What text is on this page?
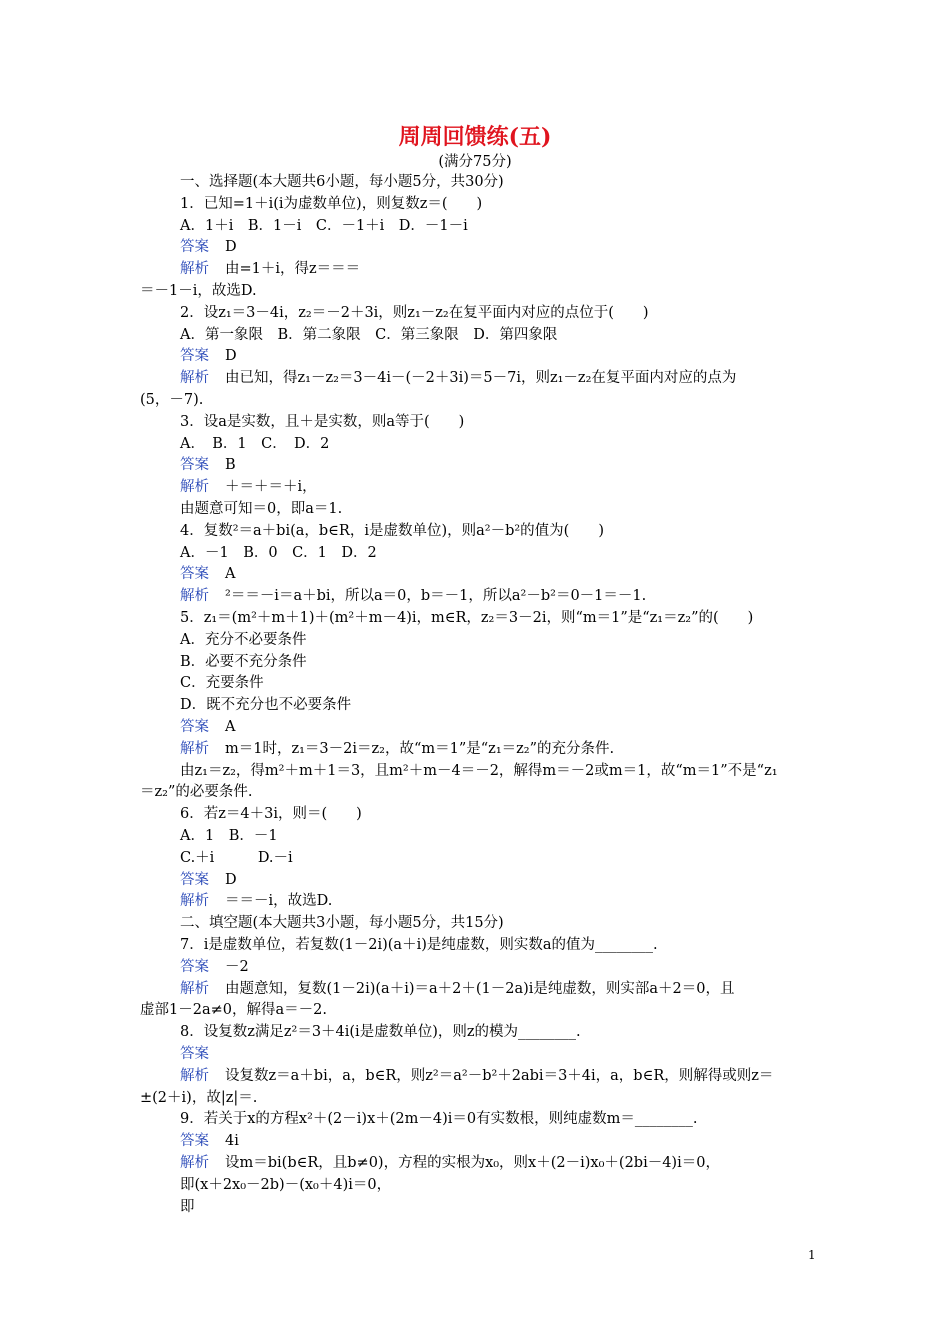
周周回馈练(五)
(满分75分)
一、选择题(本大题共6小题，每小题5分，共30分)
1．已知=1＋i(i为虚数单位)，则复数z＝(　　)
A．1＋i　B．1－i　C．－1＋i　D．－1－i
答案 D
解析 由=1＋i，得z＝＝＝
＝－1－i，故选D.
2．设z₁＝3－4i，z₂＝－2＋3i，则z₁－z₂在复平面内对应的点位于(　　)
A．第一象限　B．第二象限　C．第三象限　D．第四象限
答案 D
解析 由已知，得z₁－z₂＝3－4i－(－2＋3i)＝5－7i，则z₁－z₂在复平面内对应的点为
(5，－7).
3．设a是实数，且＋是实数，则a等于(　　)
A．　B．1　C．　D．2
答案 B
解析 ＋＝＋＝＋i，
由题意可知＝0，即a＝1.
4．复数²＝a＋bi(a，b∈R，i是虚数单位)，则a²－b²的值为(　　)
A．－1　B．0　C．1　D．2
答案 A
解析 ²＝＝－i＝a＋bi，所以a＝0，b＝－1，所以a²－b²＝0－1＝－1.
5．z₁＝(m²＋m＋1)＋(m²＋m－4)i，m∈R，z₂＝3－2i，则“m＝1”是“z₁＝z₂”的(　　)
A．充分不必要条件
B．必要不充分条件
C．充要条件
D．既不充分也不必要条件
答案 A
解析 m＝1时，z₁＝3－2i＝z₂，故“m＝1”是“z₁＝z₂”的充分条件.
由z₁＝z₂，得m²＋m＋1＝3，且m²＋m－4＝－2，解得m＝－2或m＝1，故“m＝1”不是“z₁
＝z₂”的必要条件.
6．若z＝4＋3i，则＝(　　)
A．1　B．－1
C.＋i　　　D.－i
答案 D
解析 ＝＝－i，故选D.
二、填空题(本大题共3小题，每小题5分，共15分)
7．i是虚数单位，若复数(1－2i)(a＋i)是纯虚数，则实数a的值为________.
答案 －2
解析 由题意知，复数(1－2i)(a＋i)＝a＋2＋(1－2a)i是纯虚数，则实部a＋2＝0，且
虚部1－2a≠0，解得a＝－2.
8．设复数z满足z²＝3＋4i(i是虚数单位)，则z的模为________.
答案
解析 设复数z＝a＋bi，a，b∈R，则z²＝a²－b²＋2abi＝3＋4i，a，b∈R，则解得或则z＝
±(2＋i)，故|z|＝.
9．若关于x的方程x²＋(2－i)x＋(2m－4)i＝0有实数根，则纯虚数m＝________.
答案 4i
解析 设m＝bi(b∈R，且b≠0)，方程的实根为x₀，则x＋(2－i)x₀＋(2bi－4)i＝0，
即(x＋2x₀－2b)－(x₀＋4)i＝0，
即
1
